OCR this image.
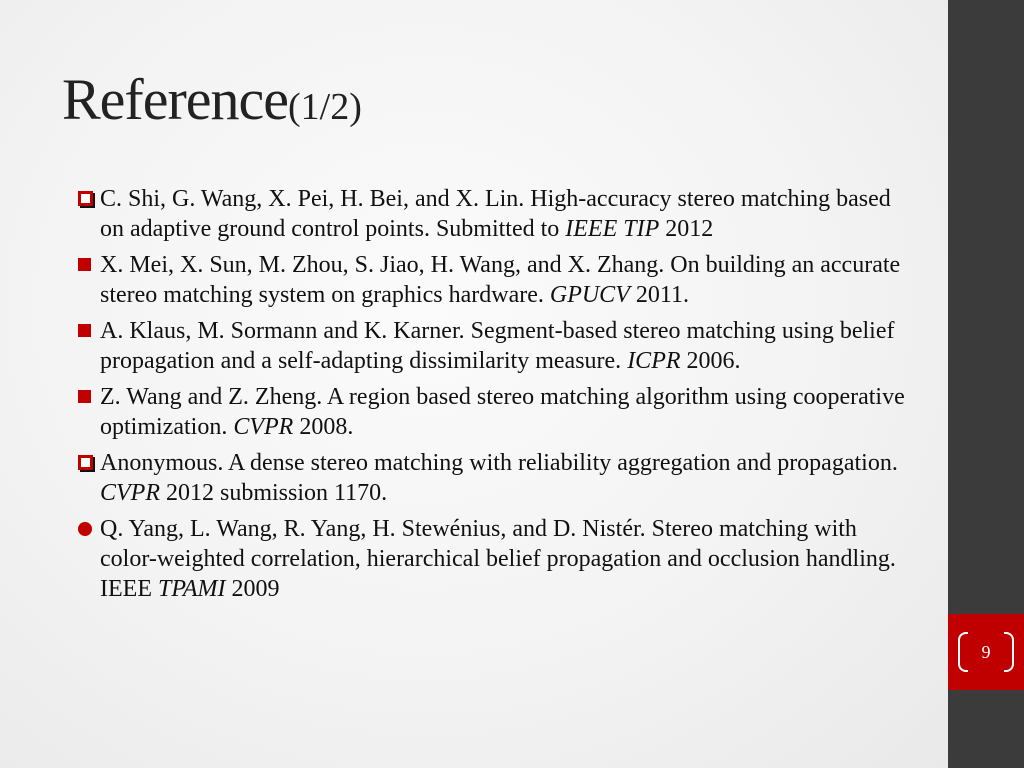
Reference(1/2)
C. Shi, G. Wang, X. Pei, H. Bei, and X. Lin. High-accuracy stereo matching based on adaptive ground control points. Submitted to IEEE TIP 2012
X. Mei, X. Sun, M. Zhou, S. Jiao, H. Wang, and X. Zhang. On building an accurate stereo matching system on graphics hardware. GPUCV 2011.
A. Klaus, M. Sormann and K. Karner. Segment-based stereo matching using belief propagation and a self-adapting dissimilarity measure. ICPR 2006.
Z. Wang and Z. Zheng. A region based stereo matching algorithm using cooperative optimization. CVPR 2008.
Anonymous. A dense stereo matching with reliability aggregation and propagation. CVPR 2012 submission 1170.
Q. Yang, L. Wang, R. Yang, H. Stewénius, and D. Nistér. Stereo matching with color-weighted correlation, hierarchical belief propagation and occlusion handling. IEEE TPAMI 2009
9
